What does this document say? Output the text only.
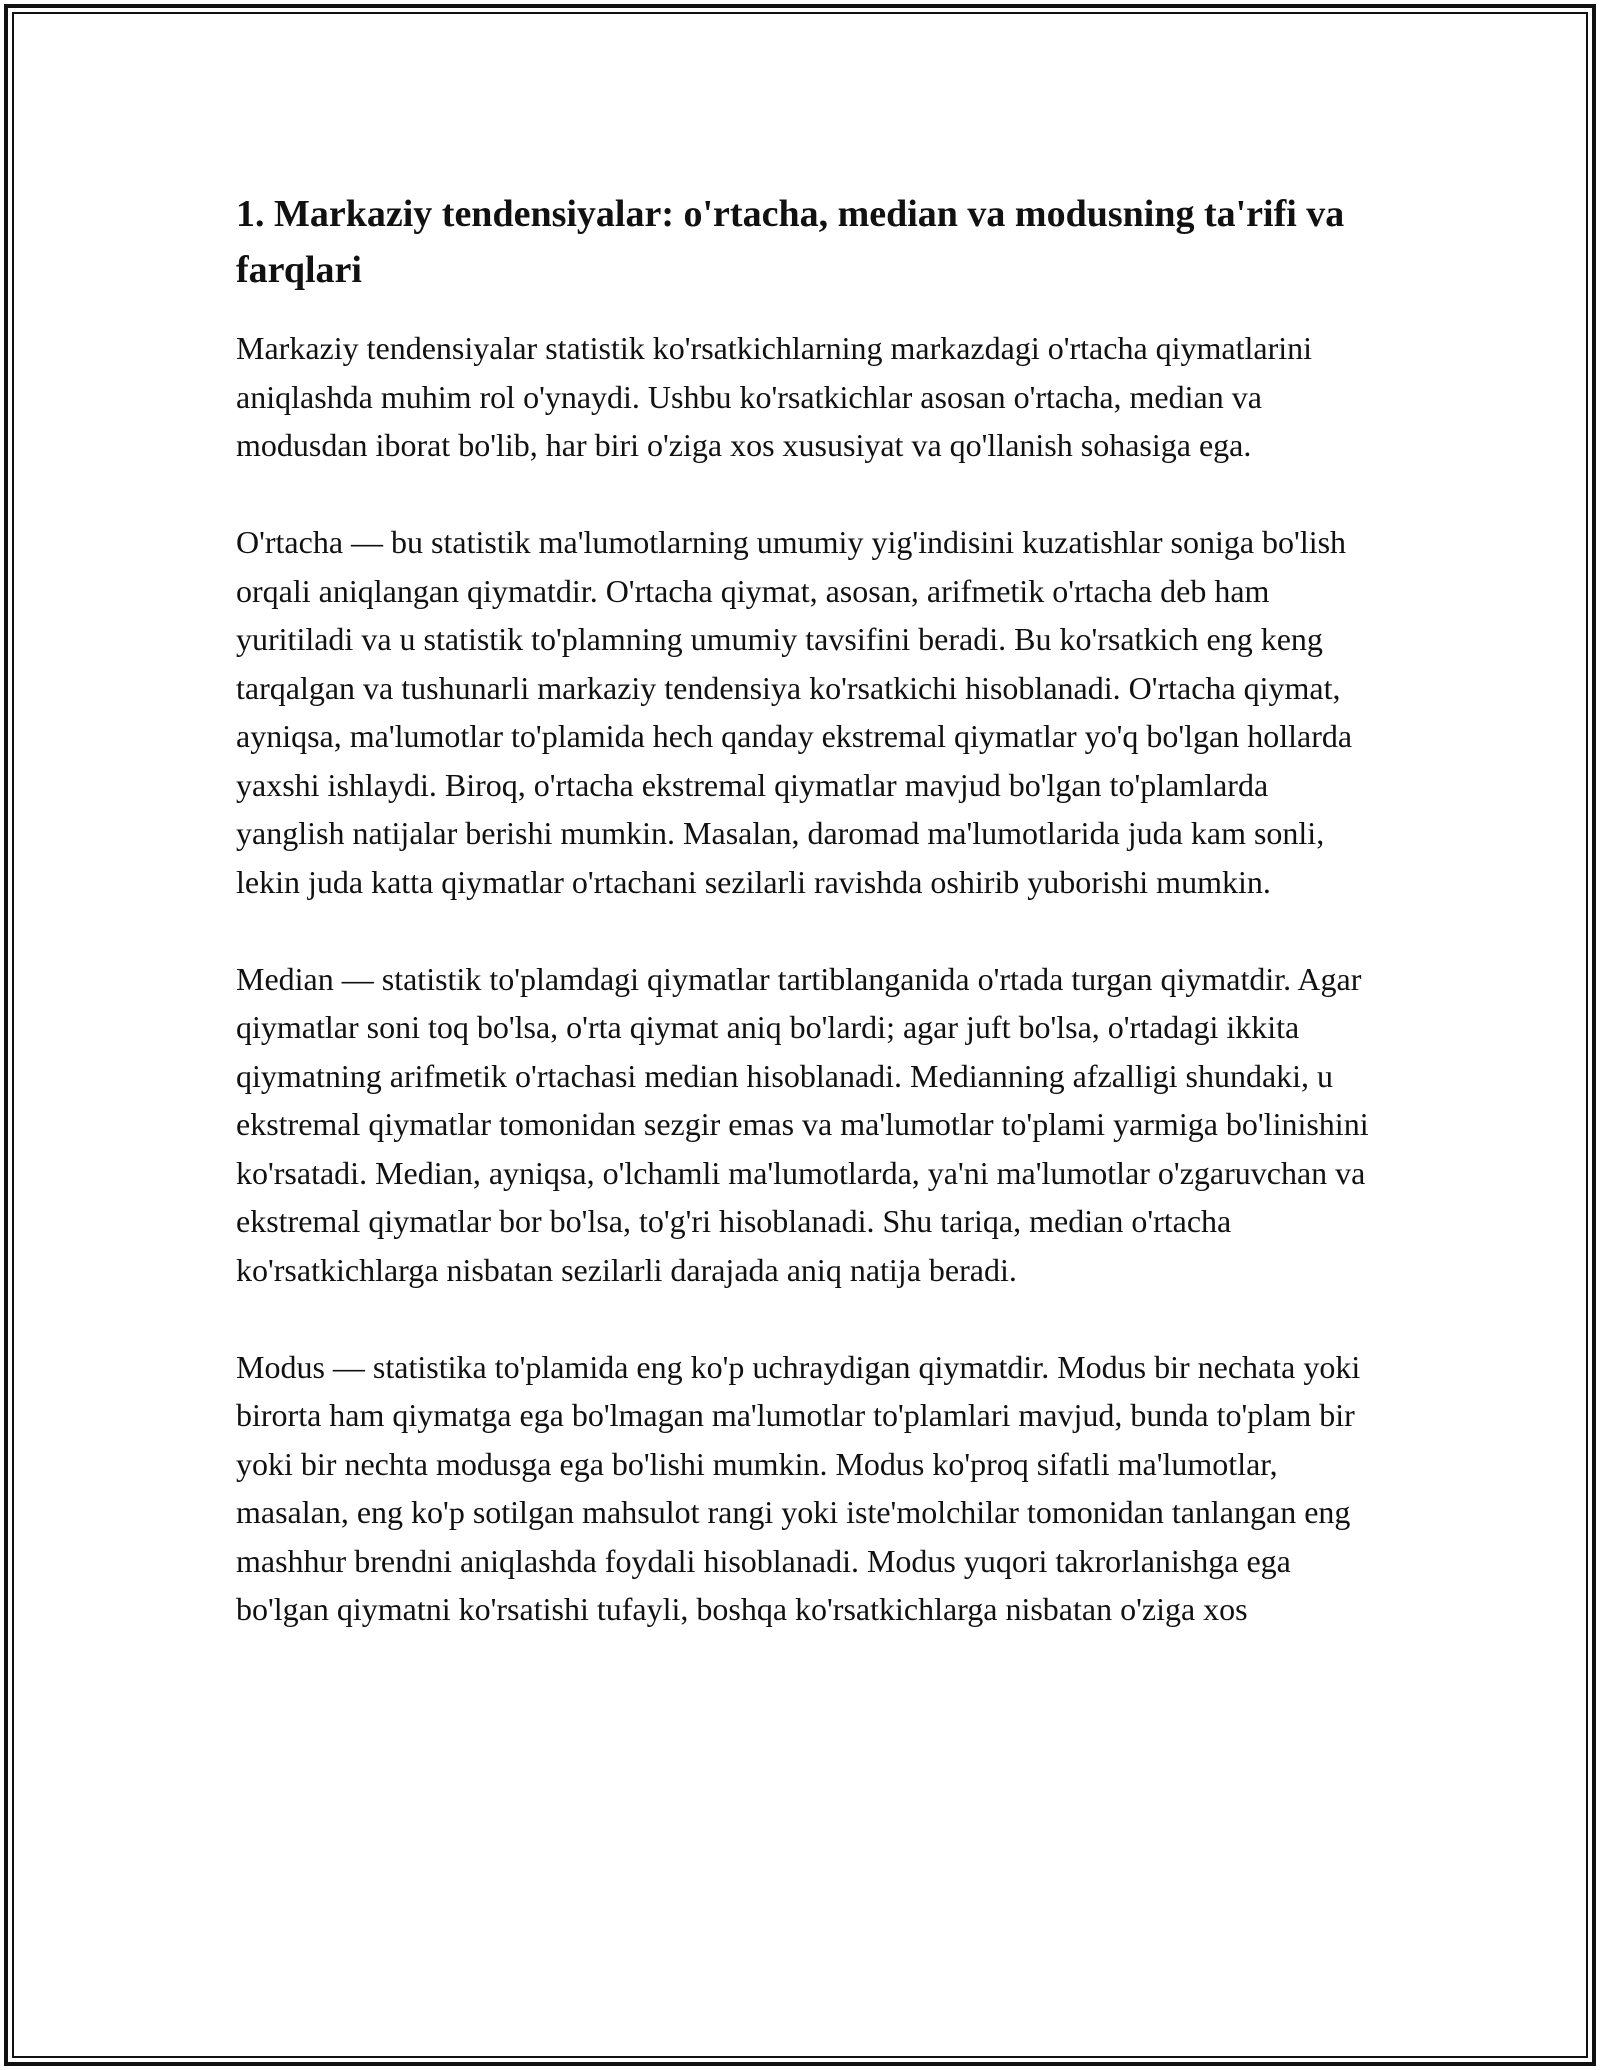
1. Markaziy tendensiyalar: o'rtacha, median va modusning ta'rifi va farqlari

Markaziy tendensiyalar statistik ko'rsatkichlarning markazdagi o'rtacha qiymatlarini aniqlashda muhim rol o'ynaydi. Ushbu ko'rsatkichlar asosan o'rtacha, median va modusdan iborat bo'lib, har biri o'ziga xos xususiyat va qo'llanish sohasiga ega.

O'rtacha — bu statistik ma'lumotlarning umumiy yig'indisini kuzatishlar soniga bo'lish orqali aniqlangan qiymatdir. O'rtacha qiymat, asosan, arifmetik o'rtacha deb ham yuritiladi va u statistik to'plamning umumiy tavsifini beradi. Bu ko'rsatkich eng keng tarqalgan va tushunarli markaziy tendensiya ko'rsatkichi hisoblanadi. O'rtacha qiymat, ayniqsa, ma'lumotlar to'plamida hech qanday ekstremal qiymatlar yo'q bo'lgan hollarda yaxshi ishlaydi. Biroq, o'rtacha ekstremal qiymatlar mavjud bo'lgan to'plamlarda yanglish natijalar berishi mumkin. Masalan, daromad ma'lumotlarida juda kam sonli, lekin juda katta qiymatlar o'rtachani sezilarli ravishda oshirib yuborishi mumkin.

Median — statistik to'plamdagi qiymatlar tartiblanganida o'rtada turgan qiymatdir. Agar qiymatlar soni toq bo'lsa, o'rta qiymat aniq bo'lardi; agar juft bo'lsa, o'rtadagi ikkita qiymatning arifmetik o'rtachasi median hisoblanadi. Medianning afzalligi shundaki, u ekstremal qiymatlar tomonidan sezgir emas va ma'lumotlar to'plami yarmiga bo'linishini ko'rsatadi. Median, ayniqsa, o'lchamli ma'lumotlarda, ya'ni ma'lumotlar o'zgaruvchan va ekstremal qiymatlar bor bo'lsa, to'g'ri hisoblanadi. Shu tariqa, median o'rtacha ko'rsatkichlarga nisbatan sezilarli darajada aniq natija beradi.

Modus — statistika to'plamida eng ko'p uchraydigan qiymatdir. Modus bir nechata yoki birorta ham qiymatga ega bo'lmagan ma'lumotlar to'plamlari mavjud, bunda to'plam bir yoki bir nechta modusga ega bo'lishi mumkin. Modus ko'proq sifatli ma'lumotlar, masalan, eng ko'p sotilgan mahsulot rangi yoki iste'molchilar tomonidan tanlangan eng mashhur brendni aniqlashda foydali hisoblanadi. Modus yuqori takrorlanishga ega bo'lgan qiymatni ko'rsatishi tufayli, boshqa ko'rsatkichlarga nisbatan o'ziga xos
